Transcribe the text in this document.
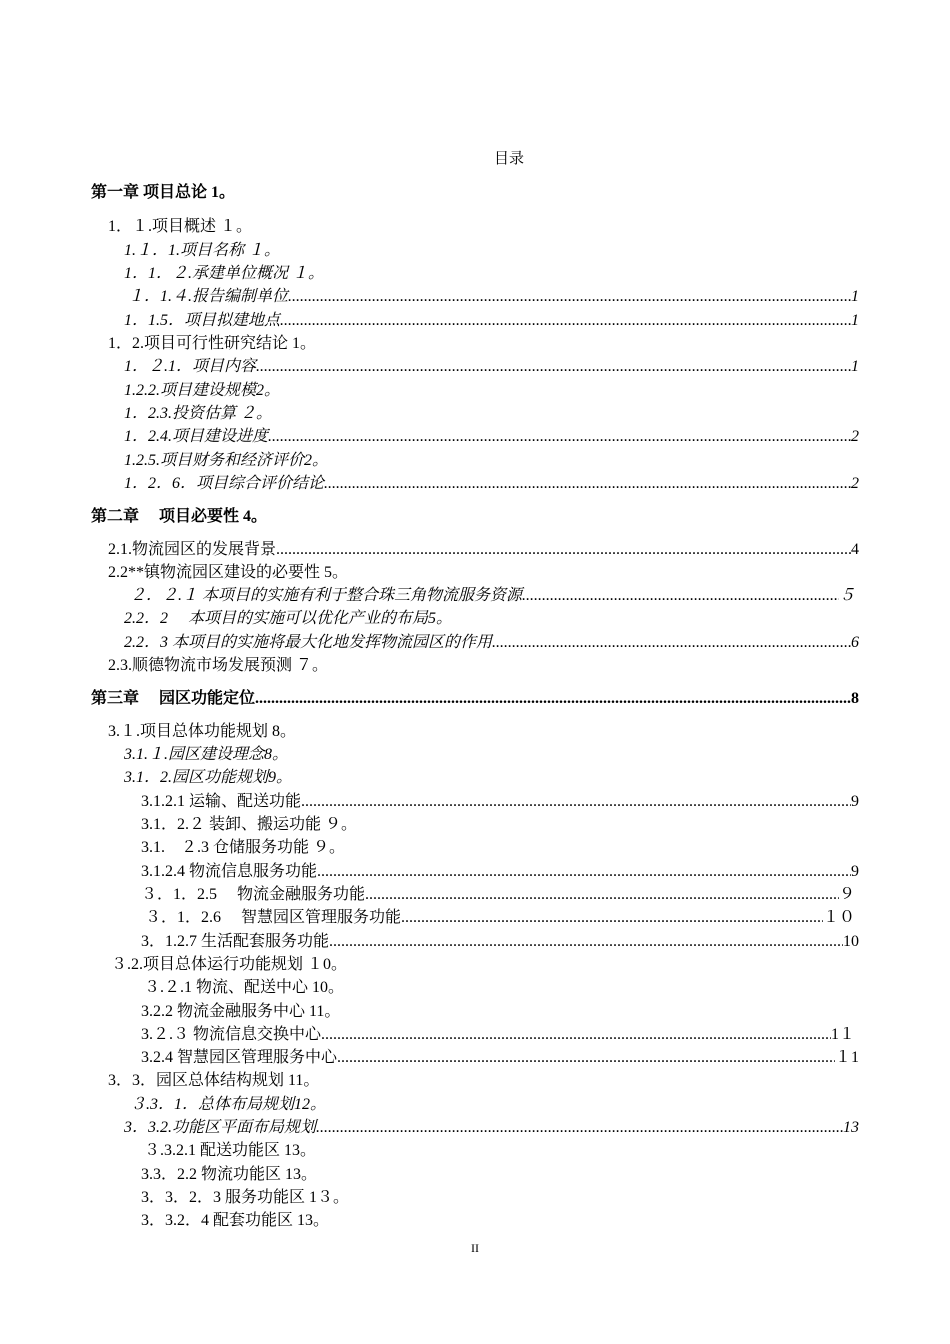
目录
第一章 项目总论 1。
1．１.项目概述 １。
1.１．1.项目名称 １。
1．1．２.承建单位概况 １。
１．1.４.报告编制单位 .....	1
1．1.5．项目拟建地点 .....	1
1．2.项目可行性研究结论 1。
1．２.1．项目内容 .....	1
1.2.2.项目建设规模2。
1．2.3.投资估算 ２。
1．2.4.项目建设进度 .....	2
1.2.5.项目财务和经济评价2。
1．2．6．项目综合评价结论 .....	2
第二章　 项目必要性 4。
2.1.物流园区的发展背景 .....	4
2.2**镇物流园区建设的必要性 5。
２．２.１ 本项目的实施有利于整合珠三角物流服务资源 .....	５
2.2．2　 本项目的实施可以优化产业的布局5。
2.2．3 本项目的实施将最大化地发挥物流园区的作用 .....	6
2.3.顺德物流市场发展预测 ７。
第三章　 园区功能定位 .....	8
3.１.项目总体功能规划 8。
3.1.１.园区建设理念8。
3.1．2.园区功能规划9。
3.1.2.1 运输、配送功能 .....	9
3.1．2.２ 装卸、搬运功能 ９。
3.1.　２.3 仓储服务功能 ９。
3.1.2.4 物流信息服务功能 .....	9
３．1．2.5　 物流金融服务功能 .....	９
３．1．2.6　 智慧园区管理服务功能 .....	１０
3．1.2.7 生活配套服务功能 .....	10
３.2.项目总体运行功能规划 １0。
３.２.1 物流、配送中心 10。
3.2.2 物流金融服务中心 11。
3.２.３ 物流信息交换中心 .....	1１
3.2.4 智慧园区管理服务中心 .....	１1
3．3．园区总体结构规划 11。
３.3．1．总体布局规划12。
3．3.2.功能区平面布局规划 .....	13
３.3.2.1 配送功能区 13。
3.3．2.2 物流功能区 13。
3．3．2．3 服务功能区 1３。
3．3.2．4 配套功能区 13。
II
